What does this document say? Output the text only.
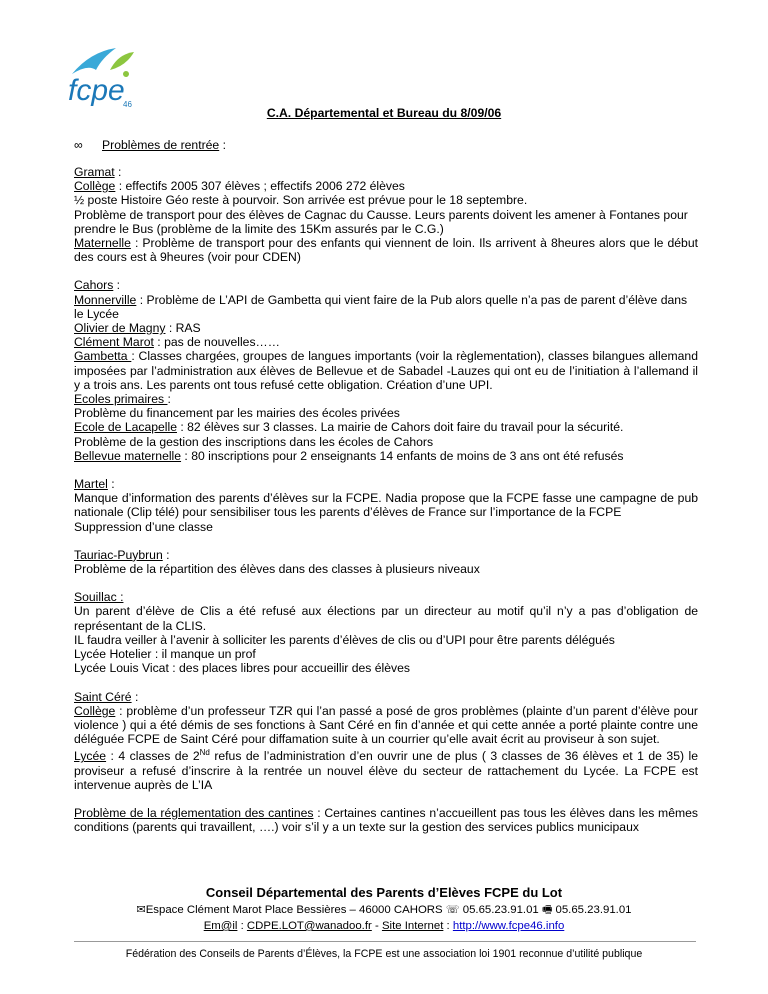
fcpe
46
C.A. Départemental et Bureau du 8/09/06
∞ Problèmes de rentrée :
Gramat :
Collège : effectifs 2005 307 élèves ; effectifs 2006 272 élèves
½ poste Histoire Géo reste à pourvoir. Son arrivée est prévue pour le 18 septembre.
Problème de transport pour des élèves de Cagnac du Causse. Leurs parents doivent les amener à Fontanes pour prendre le Bus (problème de la limite des 15Km assurés par le C.G.)
Maternelle : Problème de transport pour des enfants qui viennent de loin. Ils arrivent à 8heures alors que le début des cours est à 9heures (voir pour CDEN)
Cahors :
Monnerville : Problème de L’API de Gambetta qui vient faire de la Pub alors quelle n’a pas de parent d’élève dans le Lycée
Olivier de Magny : RAS
Clément Marot : pas de nouvelles……
Gambetta : Classes chargées, groupes de langues importants (voir la règlementation), classes bilangues allemand imposées par l’administration aux élèves de Bellevue et de Sabadel -Lauzes qui ont eu de l’initiation à l’allemand il y a trois ans. Les parents ont tous refusé cette obligation. Création d’une UPI.
Ecoles primaires :
Problème du financement par les mairies des écoles privées
Ecole de Lacapelle : 82 élèves sur 3 classes. La mairie de Cahors doit faire du travail pour la sécurité.
Problème de la gestion des inscriptions dans les écoles de Cahors
Bellevue maternelle : 80 inscriptions pour 2 enseignants 14 enfants de moins de 3 ans ont été refusés
Martel :
Manque d’information des parents d’élèves sur la FCPE. Nadia propose que la FCPE fasse une campagne de pub nationale (Clip télé) pour sensibiliser tous les parents d’élèves de France sur l’importance de la FCPE
Suppression d’une classe
Tauriac-Puybrun :
Problème de la répartition des élèves dans des classes à plusieurs niveaux
Souillac :
Un parent d’élève de Clis a été refusé aux élections par un directeur au motif qu’il n’y a pas d’obligation de représentant de la CLIS.
IL faudra veiller à l’avenir à solliciter les parents d’élèves de clis ou d’UPI pour être parents délégués
Lycée Hotelier : il manque un prof
Lycée Louis Vicat : des places libres pour accueillir des élèves
Saint Céré :
Collège : problème d’un professeur TZR qui l’an passé a posé de gros problèmes (plainte d’un parent d’élève pour violence ) qui a été démis de ses fonctions à Sant Céré en fin d’année et qui cette année a porté plainte contre une déléguée FCPE de Saint Céré pour diffamation suite à un courrier qu’elle avait écrit au proviseur à son sujet.
Lycée : 4 classes de 2Nd refus de l’administration d’en ouvrir une de plus ( 3 classes de 36 élèves et 1 de 35) le proviseur a refusé d’inscrire à la rentrée un nouvel élève du secteur de rattachement du Lycée. La FCPE est intervenue auprès de L’IA
Problème de la réglementation des cantines : Certaines cantines n’accueillent pas tous les élèves dans les mêmes conditions (parents qui travaillent, ….) voir s’il y a un texte sur la gestion des services publics municipaux
Conseil Départemental des Parents d’Elèves FCPE du Lot
✉Espace Clément Marot Place Bessières – 46000 CAHORS ☏ 05.65.23.91.01 🖷 05.65.23.91.01
Em@il : CDPE.LOT@wanadoo.fr - Site Internet : http://www.fcpe46.info
Fédération des Conseils de Parents d’Élèves, la FCPE est une association loi 1901 reconnue d’utilité publique
